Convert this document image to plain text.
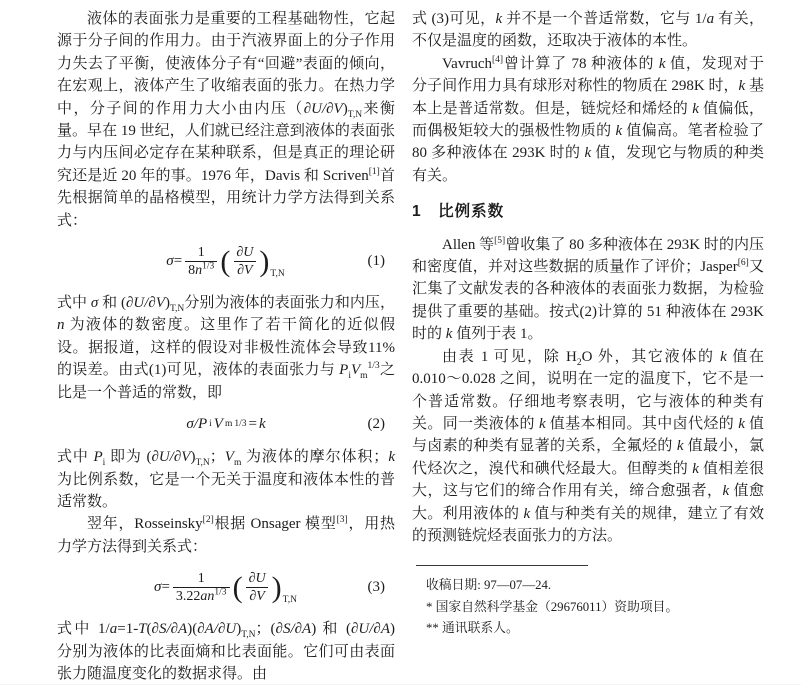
液体的表面张力是重要的工程基础物性，它起源于分子间的作用力。由于汽液界面上的分子作用力失去了平衡，使液体分子有“回避”表面的倾向，在宏观上，液体产生了收缩表面的张力。在热力学中，分子间的作用力大小由内压$(\partial U/\partial V)_{T,N}$来衡量。早在 19 世纪，人们就已经注意到液体的表面张力与内压间必定存在某种联系，但是真正的理论研究还是近 20 年的事。1976 年，Davis 和 Scriven[1]首先根据简单的晶格模型，用统计力学方法得到关系式：

$\sigma= \frac{1}{8n^{1/3}}$ ( $\frac{\partial U}{\partial V}$ ) T,N
(1)

式中 σ 和 $(\partial U/\partial V)_{T,N}$分别为液体的表面张力和内压，n 为液体的数密度。这里作了若干简化的近似假设。据报道，这样的假设对非极性流体会导致11%的误差。由式(1)可见，液体的表面张力与 $P_iV_m^{1/3}$之比是一个普适的常数，即

σ/P i V m 1/3 = k	(2)

式中 $P_i$ 即为 $(\partial U/\partial V)_{T,N}$；$V_m$ 为液体的摩尔体积；k 为比例系数，它是一个无关于温度和液体本性的普适常数。

翌年，Rosseinsky[2]根据 Onsager 模型[3]，用热力学方法得到关系式：

$\sigma= \frac{1}{3.22an^{1/3}}$ ( $\frac{\partial U}{\partial V}$ ) T,N
(3)

式中 $1/a=1-T(\partial S/\partial A)(\partial A/\partial U)_{T,N}$；(∂S/∂A) 和 (∂U/∂A) 分别为液体的比表面熵和比表面能。它们可由表面张力随温度变化的数据求得。由

式 (3)可见，k 并不是一个普适常数，它与 1/a 有关，不仅是温度的函数，还取决于液体的本性。

Vavruch[4]曾计算了 78 种液体的 k 值，发现对于分子间作用力具有球形对称性的物质在 298K 时，k 基本上是普适常数。但是，链烷烃和烯烃的 k 值偏低，而偶极矩较大的强极性物质的 k 值偏高。笔者检验了 80 多种液体在 293K 时的 k 值，发现它与物质的种类有关。

1　比例系数

Allen 等[5]曾收集了 80 多种液体在 293K 时的内压和密度值，并对这些数据的质量作了评价；Jasper[6]又汇集了文献发表的各种液体的表面张力数据，为检验提供了重要的基础。按式(2)计算的 51 种液体在 293K 时的 k 值列于表 1。

由表 1 可见，除 $H_2O$ 外，其它液体的 k 值在 0.010～0.028 之间，说明在一定的温度下，它不是一个普适常数。仔细地考察表明，它与液体的种类有关。同一类液体的 k 值基本相同。其中卤代烃的 k 值与卤素的种类有显著的关系，全氟烃的 k 值最小，氯代烃次之，溴代和碘代烃最大。但醇类的 k 值相差很大，这与它们的缔合作用有关，缔合愈强者，k 值愈大。利用液体的 k 值与种类有关的规律，建立了有效的预测链烷烃表面张力的方法。

收稿日期: 97—07—24.
* 国家自然科学基金（29676011）资助项目。
** 通讯联系人。
